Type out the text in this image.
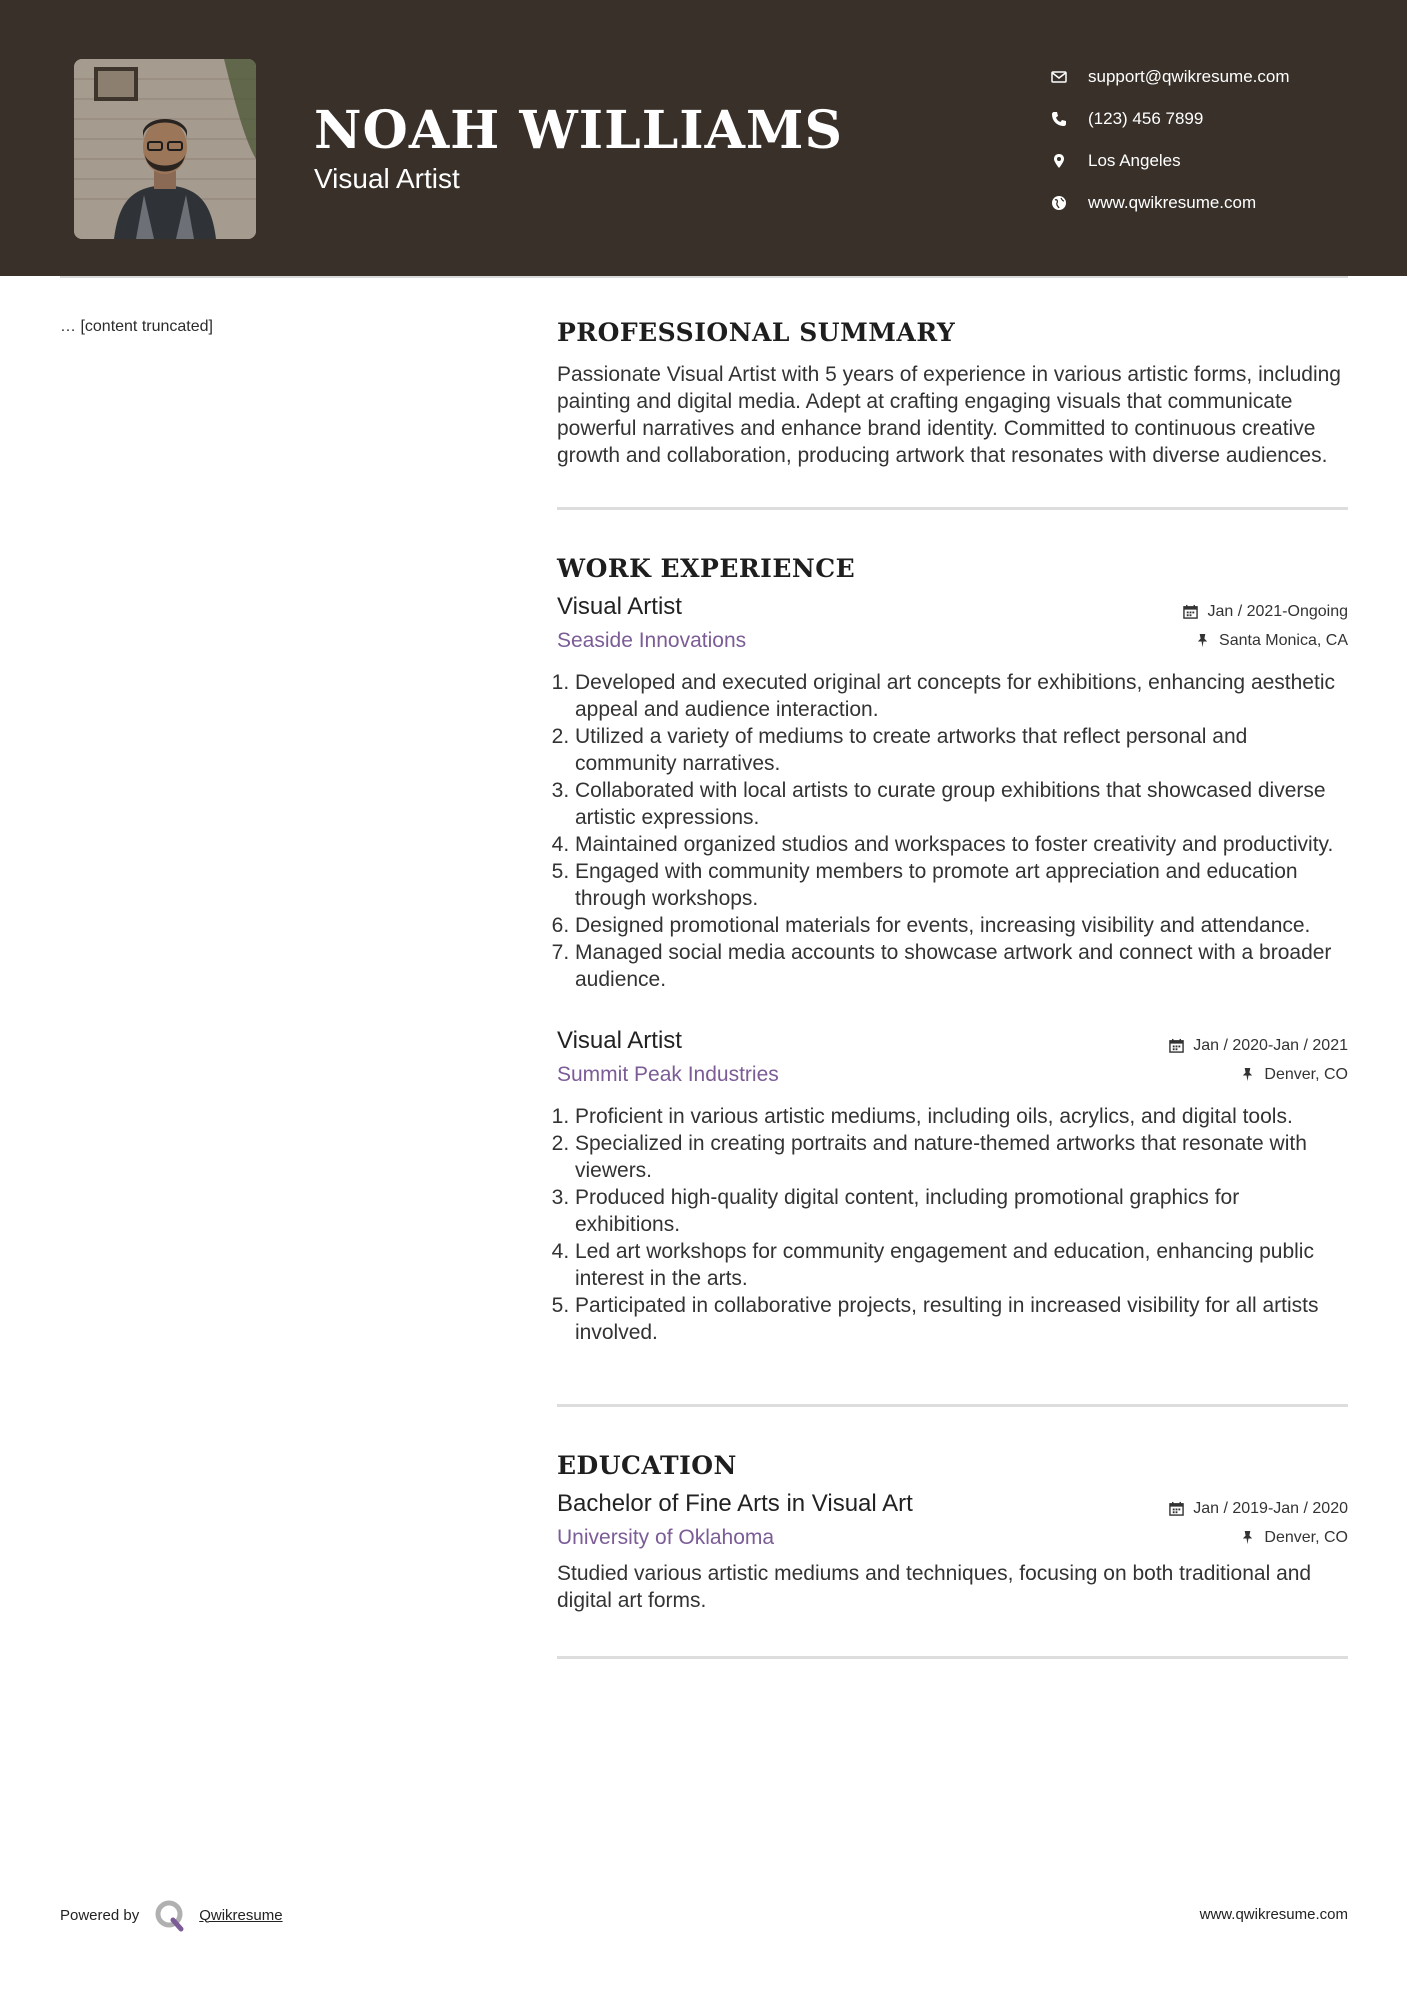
NOAH WILLIAMS
Visual Artist
support@qwikresume.com
(123) 456 7899
Los Angeles
www.qwikresume.com
… [content truncated]	PROFESSIONAL SUMMARY

Passionate Visual Artist with 5 years of experience in various artistic forms, including painting and digital media. Adept at crafting engaging visuals that communicate powerful narratives and enhance brand identity. Committed to continuous creative growth and collaboration, producing artwork that resonates with diverse audiences.

WORK EXPERIENCE
Visual Artist	Jan / 2021-Ongoing
Seaside Innovations	Santa Monica, CA
1. Developed and executed original art concepts for exhibitions, enhancing aesthetic appeal and audience interaction.
2. Utilized a variety of mediums to create artworks that reflect personal and community narratives.
3. Collaborated with local artists to curate group exhibitions that showcased diverse artistic expressions.
4. Maintained organized studios and workspaces to foster creativity and productivity.
5. Engaged with community members to promote art appreciation and education through workshops.
6. Designed promotional materials for events, increasing visibility and attendance.
7. Managed social media accounts to showcase artwork and connect with a broader audience.
Visual Artist	Jan / 2020-Jan / 2021
Summit Peak Industries	Denver, CO
1. Proficient in various artistic mediums, including oils, acrylics, and digital tools.
2. Specialized in creating portraits and nature-themed artworks that resonate with viewers.
3. Produced high-quality digital content, including promotional graphics for exhibitions.
4. Led art workshops for community engagement and education, enhancing public interest in the arts.
5. Participated in collaborative projects, resulting in increased visibility for all artists involved.
EDUCATION
Bachelor of Fine Arts in Visual Art	Jan / 2019-Jan / 2020
University of Oklahoma	Denver, CO

Studied various artistic mediums and techniques, focusing on both traditional and digital art forms.

Powered by	Qwikresume	www.qwikresume.com
